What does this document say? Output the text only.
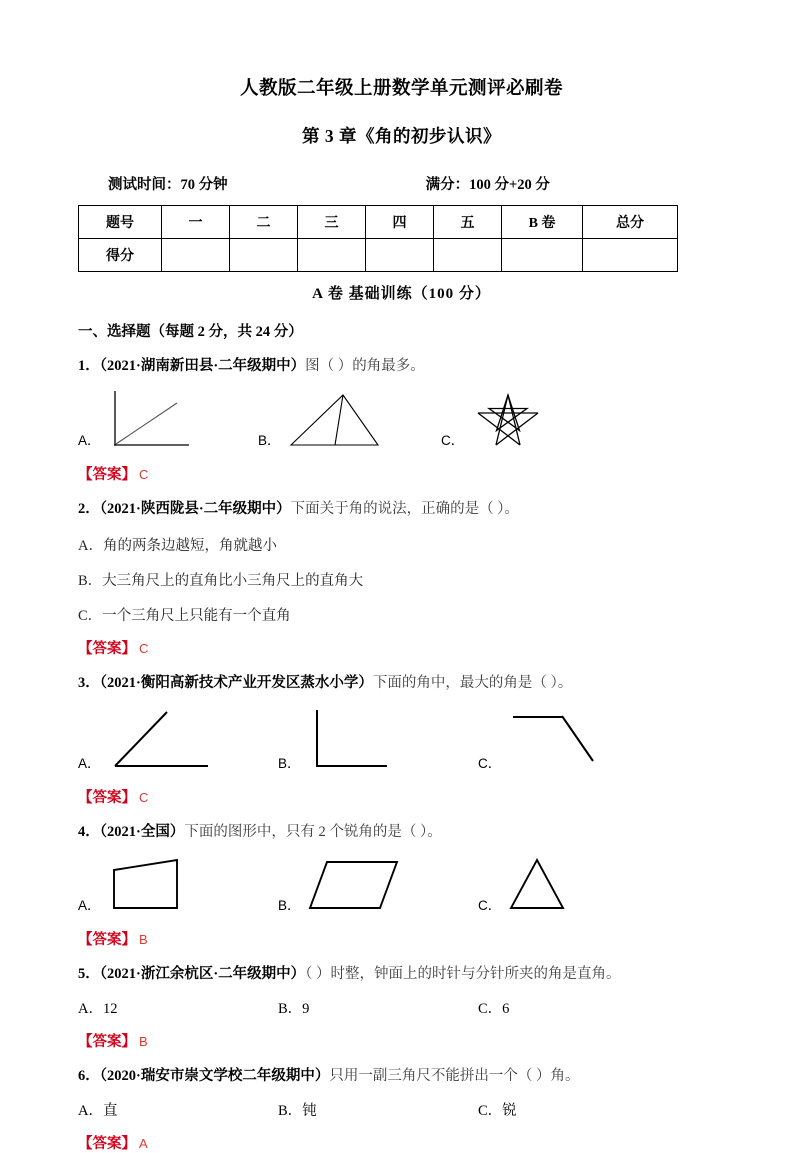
人教版二年级上册数学单元测评必刷卷
第 3 章《角的初步认识》
测试时间：70 分钟	满分：100 分+20 分
题号	一	二	三	四	五	B 卷	总分
得分							
A 卷 基础训练（100 分）
一、选择题（每题 2 分，共 24 分）
1．（2021·湖南新田县·二年级期中）图（ ）的角最多。
A．	B．	C．
【答案】 C
2．（2021·陕西陇县·二年级期中）下面关于角的说法，正确的是（ ）。
A．角的两条边越短，角就越小
B．大三角尺上的直角比小三角尺上的直角大
C．一个三角尺上只能有一个直角
【答案】 C
3．（2021·衡阳高新技术产业开发区蒸水小学）下面的角中，最大的角是（ ）。
A．	B．	C．
【答案】 C
4．（2021·全国）下面的图形中，只有 2 个锐角的是（ ）。
A．	B．	C．
【答案】 B
5．（2021·浙江余杭区·二年级期中）（ ）时整，钟面上的时针与分针所夹的角是直角。
A．12	B．9	C．6
【答案】 B
6．（2020·瑞安市崇文学校二年级期中）只用一副三角尺不能拼出一个（ ）角。
A．直	B．钝	C．锐
【答案】 A
